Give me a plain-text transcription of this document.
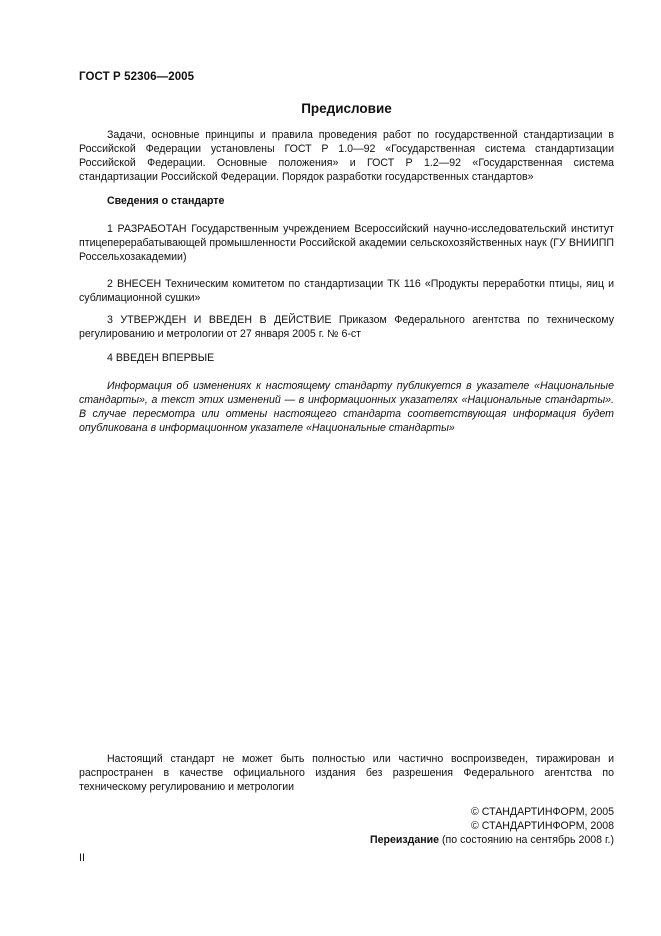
ГОСТ Р 52306—2005
Предисловие

Задачи, основные принципы и правила проведения работ по государственной стандартизации в Российской Федерации установлены ГОСТ Р 1.0—92 «Государственная система стандартизации Российской Федерации. Основные положения» и ГОСТ Р 1.2—92 «Государственная система стандартизации Российской Федерации. Порядок разработки государственных стандартов»

Сведения о стандарте

1 РАЗРАБОТАН Государственным учреждением Всероссийский научно-исследовательский институт птицеперерабатывающей промышленности Российской академии сельскохозяйственных наук (ГУ ВНИИПП Россельхозакадемии)

2 ВНЕСЕН Техническим комитетом по стандартизации ТК 116 «Продукты переработки птицы, яиц и сублимационной сушки»

3 УТВЕРЖДЕН И ВВЕДЕН В ДЕЙСТВИЕ Приказом Федерального агентства по техническому регулированию и метрологии от 27 января 2005 г. № 6-ст

4 ВВЕДЕН ВПЕРВЫЕ

Информация об изменениях к настоящему стандарту публикуется в указателе «Национальные стандарты», а текст этих изменений — в информационных указателях «Национальные стандарты». В случае пересмотра или отмены настоящего стандарта соответствующая информация будет опубликована в информационном указателе «Национальные стандарты»

Настоящий стандарт не может быть полностью или частично воспроизведен, тиражирован и распространен в качестве официального издания без разрешения Федерального агентства по техническому регулированию и метрологии

© СТАНДАРТИНФОРМ, 2005
© СТАНДАРТИНФОРМ, 2008
Переиздание (по состоянию на сентябрь 2008 г.)
II
